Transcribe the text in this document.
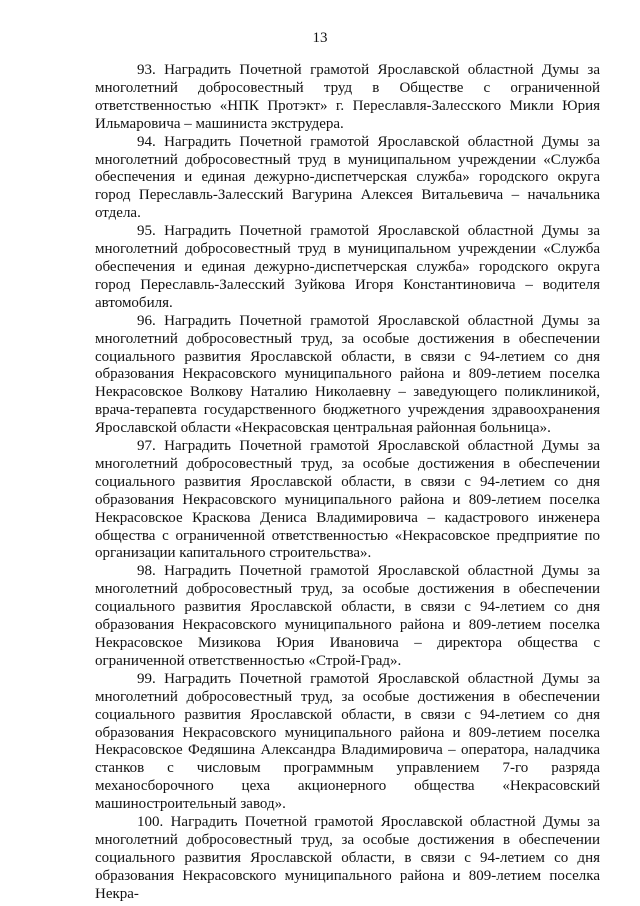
13

93. Наградить Почетной грамотой Ярославской областной Думы за многолетний добросовестный труд в Обществе с ограниченной ответственностью «НПК Протэкт» г. Переславля-Залесского Микли Юрия Ильмаровича – машиниста экструдера.

94. Наградить Почетной грамотой Ярославской областной Думы за многолетний добросовестный труд в муниципальном учреждении «Служба обеспечения и единая дежурно-диспетчерская служба» городского округа город Переславль-Залесский Вагурина Алексея Витальевича – начальника отдела.

95. Наградить Почетной грамотой Ярославской областной Думы за многолетний добросовестный труд в муниципальном учреждении «Служба обеспечения и единая дежурно-диспетчерская служба» городского округа город Переславль-Залесский Зуйкова Игоря Константиновича – водителя автомобиля.

96. Наградить Почетной грамотой Ярославской областной Думы за многолетний добросовестный труд, за особые достижения в обеспечении социального развития Ярославской области, в связи с 94-летием со дня образования Некрасовского муниципального района и 809-летием поселка Некрасовское Волкову Наталию Николаевну – заведующего поликлиникой, врача-терапевта государственного бюджетного учреждения здравоохранения Ярославской области «Некрасовская центральная районная больница».

97. Наградить Почетной грамотой Ярославской областной Думы за многолетний добросовестный труд, за особые достижения в обеспечении социального развития Ярославской области, в связи с 94-летием со дня образования Некрасовского муниципального района и 809-летием поселка Некрасовское Краскова Дениса Владимировича – кадастрового инженера общества с ограниченной ответственностью «Некрасовское предприятие по организации капитального строительства».

98. Наградить Почетной грамотой Ярославской областной Думы за многолетний добросовестный труд, за особые достижения в обеспечении социального развития Ярославской области, в связи с 94-летием со дня образования Некрасовского муниципального района и 809-летием поселка Некрасовское Мизикова Юрия Ивановича – директора общества с ограниченной ответственностью «Строй-Град».

99. Наградить Почетной грамотой Ярославской областной Думы за многолетний добросовестный труд, за особые достижения в обеспечении социального развития Ярославской области, в связи с 94-летием со дня образования Некрасовского муниципального района и 809-летием поселка Некрасовское Федяшина Александра Владимировича – оператора, наладчика станков с числовым программным управлением 7-го разряда механосборочного цеха акционерного общества «Некрасовский машиностроительный завод».

100. Наградить Почетной грамотой Ярославской областной Думы за многолетний добросовестный труд, за особые достижения в обеспечении социального развития Ярославской области, в связи с 94-летием со дня образования Некрасовского муниципального района и 809-летием поселка Некра-
